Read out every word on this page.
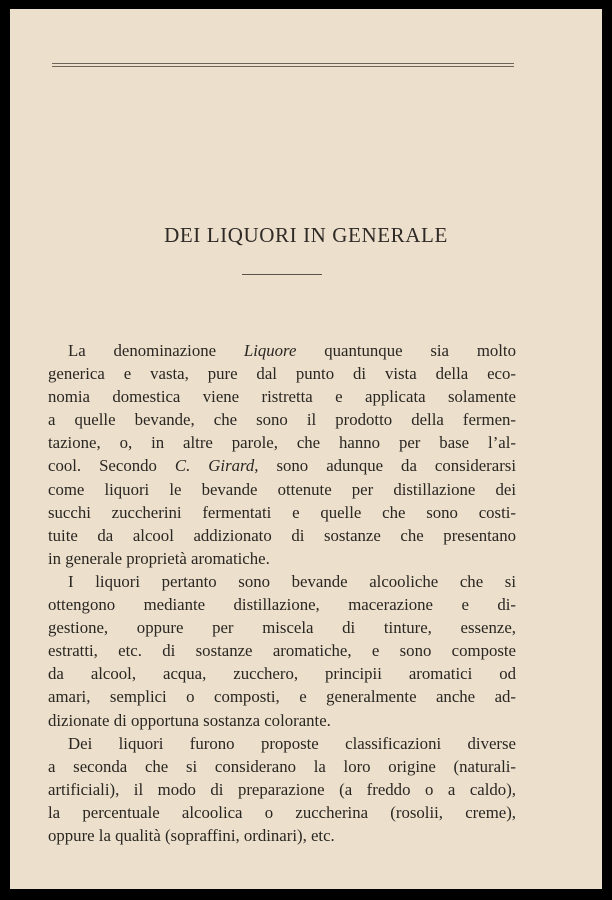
DEI LIQUORI IN GENERALE
La denominazione Liquore quantunque sia molto
generica e vasta, pure dal punto di vista della eco-
nomia domestica viene ristretta e applicata solamente
a quelle bevande, che sono il prodotto della fermen-
tazione, o, in altre parole, che hanno per base l’al-
cool. Secondo C. Girard, sono adunque da considerarsi
come liquori le bevande ottenute per distillazione dei
succhi zuccherini fermentati e quelle che sono costi-
tuite da alcool addizionato di sostanze che presentano
in generale proprietà aromatiche.
I liquori pertanto sono bevande alcooliche che si
ottengono mediante distillazione, macerazione e di-
gestione, oppure per miscela di tinture, essenze,
estratti, etc. di sostanze aromatiche, e sono composte
da alcool, acqua, zucchero, principii aromatici od
amari, semplici o composti, e generalmente anche ad-
dizionate di opportuna sostanza colorante.
Dei liquori furono proposte classificazioni diverse
a seconda che si considerano la loro origine (naturali-
artificiali), il modo di preparazione (a freddo o a caldo),
la percentuale alcoolica o zuccherina (rosolii, creme),
oppure la qualità (sopraffini, ordinari), etc.
